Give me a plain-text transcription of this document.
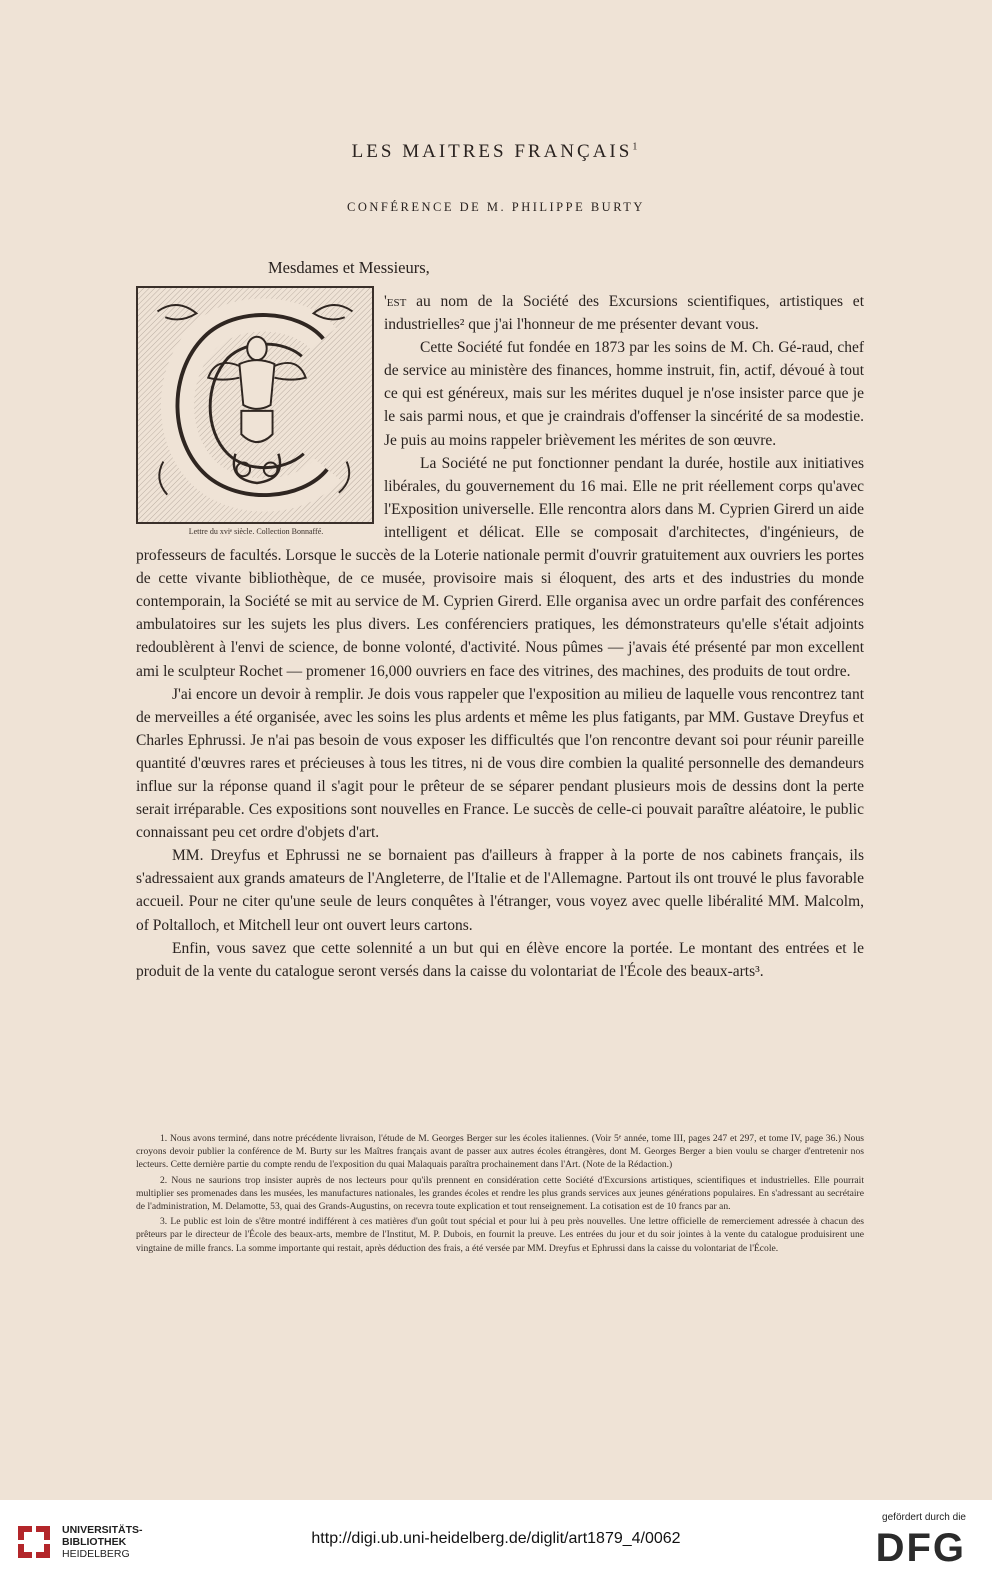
LES MAITRES FRANÇAIS$^1$
CONFÉRENCE DE M. PHILIPPE BURTY
Mesdames et Messieurs,
Lettre du xviᵉ siècle. Collection Bonnaffé.

'est au nom de la Société des Excursions scientifiques, artistiques et industrielles² que j'ai l'honneur de me présenter devant vous.

Cette Société fut fondée en 1873 par les soins de M. Ch. Gé-raud, chef de service au ministère des finances, homme instruit, fin, actif, dévoué à tout ce qui est généreux, mais sur les mérites duquel je n'ose insister parce que je le sais parmi nous, et que je craindrais d'offenser la sincérité de sa modestie. Je puis au moins rappeler brièvement les mérites de son œuvre.

La Société ne put fonctionner pendant la durée, hostile aux initiatives libérales, du gouvernement du 16 mai. Elle ne prit réellement corps qu'avec l'Exposition universelle. Elle rencontra alors dans M. Cyprien Girerd un aide intelligent et délicat. Elle se composait d'architectes, d'ingénieurs, de professeurs de facultés. Lorsque le succès de la Loterie nationale permit d'ouvrir gratuitement aux ouvriers les portes de cette vivante bibliothèque, de ce musée, provisoire mais si éloquent, des arts et des industries du monde contemporain, la Société se mit au service de M. Cyprien Girerd. Elle organisa avec un ordre parfait des conférences ambulatoires sur les sujets les plus divers. Les conférenciers pratiques, les démonstrateurs qu'elle s'était adjoints redoublèrent à l'envi de science, de bonne volonté, d'activité. Nous pûmes — j'avais été présenté par mon excellent ami le sculpteur Rochet — promener 16,000 ouvriers en face des vitrines, des machines, des produits de tout ordre.

J'ai encore un devoir à remplir. Je dois vous rappeler que l'exposition au milieu de laquelle vous rencontrez tant de merveilles a été organisée, avec les soins les plus ardents et même les plus fatigants, par MM. Gustave Dreyfus et Charles Ephrussi. Je n'ai pas besoin de vous exposer les difficultés que l'on rencontre devant soi pour réunir pareille quantité d'œuvres rares et précieuses à tous les titres, ni de vous dire combien la qualité personnelle des demandeurs influe sur la réponse quand il s'agit pour le prêteur de se séparer pendant plusieurs mois de dessins dont la perte serait irréparable. Ces expositions sont nouvelles en France. Le succès de celle-ci pouvait paraître aléatoire, le public connaissant peu cet ordre d'objets d'art.

MM. Dreyfus et Ephrussi ne se bornaient pas d'ailleurs à frapper à la porte de nos cabinets français, ils s'adressaient aux grands amateurs de l'Angleterre, de l'Italie et de l'Allemagne. Partout ils ont trouvé le plus favorable accueil. Pour ne citer qu'une seule de leurs conquêtes à l'étranger, vous voyez avec quelle libéralité MM. Malcolm, of Poltalloch, et Mitchell leur ont ouvert leurs cartons.

Enfin, vous savez que cette solennité a un but qui en élève encore la portée. Le montant des entrées et le produit de la vente du catalogue seront versés dans la caisse du volontariat de l'École des beaux-arts³.

1. Nous avons terminé, dans notre précédente livraison, l'étude de M. Georges Berger sur les écoles italiennes. (Voir 5ᵉ année, tome III, pages 247 et 297, et tome IV, page 36.) Nous croyons devoir publier la conférence de M. Burty sur les Maîtres français avant de passer aux autres écoles étrangères, dont M. Georges Berger a bien voulu se charger d'entretenir nos lecteurs. Cette dernière partie du compte rendu de l'exposition du quai Malaquais paraîtra prochainement dans l'Art. (Note de la Rédaction.)

2. Nous ne saurions trop insister auprès de nos lecteurs pour qu'ils prennent en considération cette Société d'Excursions artistiques, scientifiques et industrielles. Elle pourrait multiplier ses promenades dans les musées, les manufactures nationales, les grandes écoles et rendre les plus grands services aux jeunes générations populaires. En s'adressant au secrétaire de l'administration, M. Delamotte, 53, quai des Grands-Augustins, on recevra toute explication et tout renseignement. La cotisation est de 10 francs par an.

3. Le public est loin de s'être montré indifférent à ces matières d'un goût tout spécial et pour lui à peu près nouvelles. Une lettre officielle de remerciement adressée à chacun des prêteurs par le directeur de l'École des beaux-arts, membre de l'Institut, M. P. Dubois, en fournit la preuve. Les entrées du jour et du soir jointes à la vente du catalogue produisirent une vingtaine de mille francs. La somme importante qui restait, après déduction des frais, a été versée par MM. Dreyfus et Ephrussi dans la caisse du volontariat de l'École.

UNIVERSITÄTS-
BIBLIOTHEK
HEIDELBERG
http://digi.ub.uni-heidelberg.de/diglit/art1879_4/0062
gefördert durch die
DFG
